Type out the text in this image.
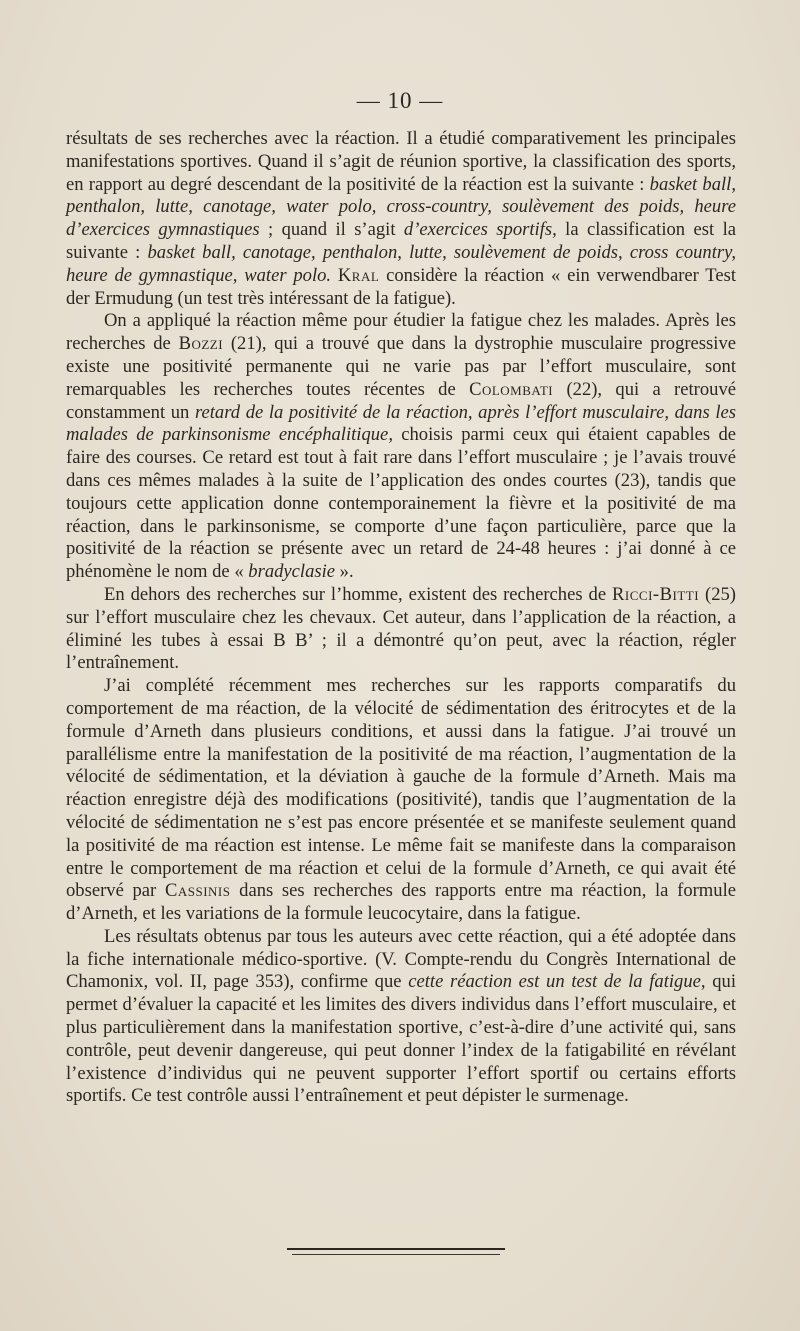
— 10 —

résultats de ses recherches avec la réaction. Il a étudié comparativement les principales manifestations sportives. Quand il s’agit de réunion sportive, la classification des sports, en rapport au degré descendant de la positivité de la réaction est la suivante : basket ball, penthalon, lutte, canotage, water polo, cross-country, soulèvement des poids, heure d’exercices gymnastiques ; quand il s’agit d’exercices sportifs, la classification est la suivante : basket ball, canotage, penthalon, lutte, soulèvement de poids, cross country, heure de gymnastique, water polo. Kral considère la réaction « ein verwendbarer Test der Ermudung (un test très intéressant de la fatigue).

On a appliqué la réaction même pour étudier la fatigue chez les malades. Après les recherches de Bozzi (21), qui a trouvé que dans la dystrophie musculaire progressive existe une positivité permanente qui ne varie pas par l’effort musculaire, sont remarquables les recherches toutes récentes de Colombati (22), qui a retrouvé constamment un retard de la positivité de la réaction, après l’effort musculaire, dans les malades de parkinsonisme encéphalitique, choisis parmi ceux qui étaient capables de faire des courses. Ce retard est tout à fait rare dans l’effort musculaire ; je l’avais trouvé dans ces mêmes malades à la suite de l’application des ondes courtes (23), tandis que toujours cette application donne contemporainement la fièvre et la positivité de ma réaction, dans le parkinsonisme, se comporte d’une façon particulière, parce que la positivité de la réaction se présente avec un retard de 24-48 heures : j’ai donné à ce phénomène le nom de « bradyclasie ».

En dehors des recherches sur l’homme, existent des recherches de Ricci-Bitti (25) sur l’effort musculaire chez les chevaux. Cet auteur, dans l’application de la réaction, a éliminé les tubes à essai B B’ ; il a démontré qu’on peut, avec la réaction, régler l’entraînement.

J’ai complété récemment mes recherches sur les rapports comparatifs du comportement de ma réaction, de la vélocité de sédimentation des éritrocytes et de la formule d’Arneth dans plusieurs conditions, et aussi dans la fatigue. J’ai trouvé un parallélisme entre la manifestation de la positivité de ma réaction, l’augmentation de la vélocité de sédimentation, et la déviation à gauche de la formule d’Arneth. Mais ma réaction enregistre déjà des modifications (positivité), tandis que l’augmentation de la vélocité de sédimentation ne s’est pas encore présentée et se manifeste seulement quand la positivité de ma réaction est intense. Le même fait se manifeste dans la comparaison entre le comportement de ma réaction et celui de la formule d’Arneth, ce qui avait été observé par Cassinis dans ses recherches des rapports entre ma réaction, la formule d’Arneth, et les variations de la formule leucocytaire, dans la fatigue.

Les résultats obtenus par tous les auteurs avec cette réaction, qui a été adoptée dans la fiche internationale médico-sportive. (V. Compte-rendu du Congrès International de Chamonix, vol. II, page 353), confirme que cette réaction est un test de la fatigue, qui permet d’évaluer la capacité et les limites des divers individus dans l’effort musculaire, et plus particulièrement dans la manifestation sportive, c’est-à-dire d’une activité qui, sans contrôle, peut devenir dangereuse, qui peut donner l’index de la fatigabilité en révélant l’existence d’individus qui ne peuvent supporter l’effort sportif ou certains efforts sportifs. Ce test contrôle aussi l’entraînement et peut dépister le surmenage.
